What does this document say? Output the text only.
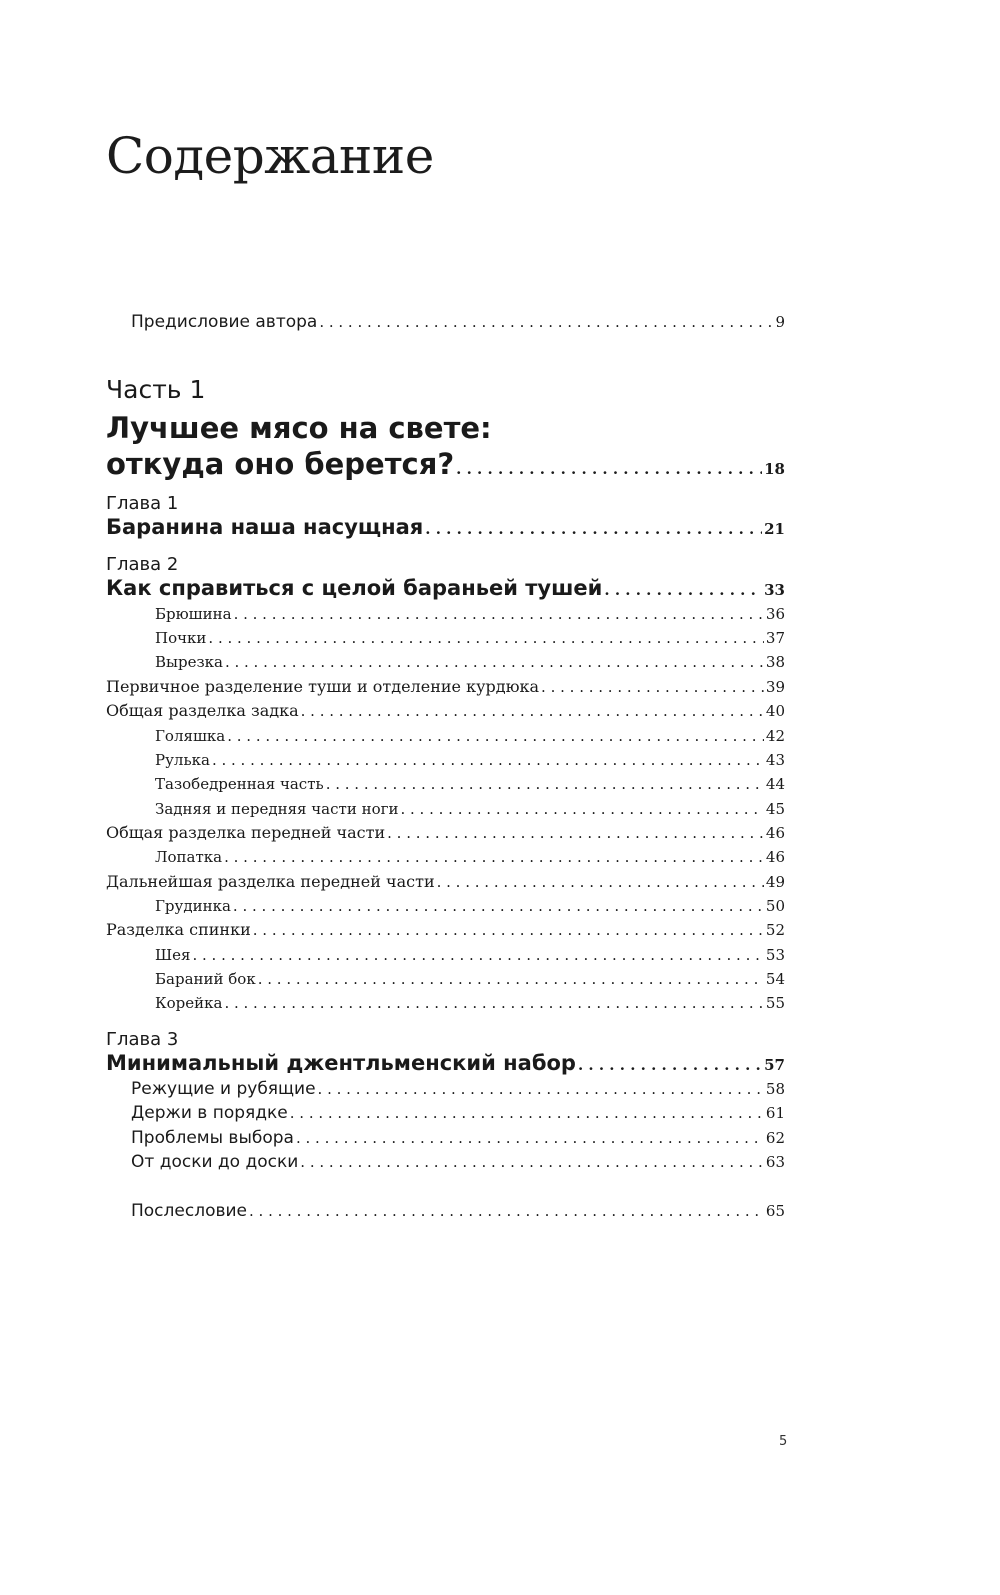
Содержание
Предисловие автора . . .	9
Часть 1
Лучшее мясо на свете:
откуда оно берется? . . .	18
Глава 1
Баранина наша насущная . . .	21
Глава 2
Как справиться с целой бараньей тушей . . .	33
Брюшина . . .	36
Почки . . .	37
Вырезка . . .	38
Первичное разделение туши и отделение курдюка . . .	39
Общая разделка задка . . .	40
Голяшка . . .	42
Рулька . . .	43
Тазобедренная часть . . .	44
Задняя и передняя части ноги . . .	45
Общая разделка передней части . . .	46
Лопатка . . .	46
Дальнейшая разделка передней части . . .	49
Грудинка . . .	50
Разделка спинки . . .	52
Шея . . .	53
Бараний бок . . .	54
Корейка . . .	55
Глава 3
Минимальный джентльменский набор . . .	57
Режущие и рубящие . . .	58
Держи в порядке . . .	61
Проблемы выбора . . .	62
От доски до доски . . .	63
Послесловие . . .	65
5
